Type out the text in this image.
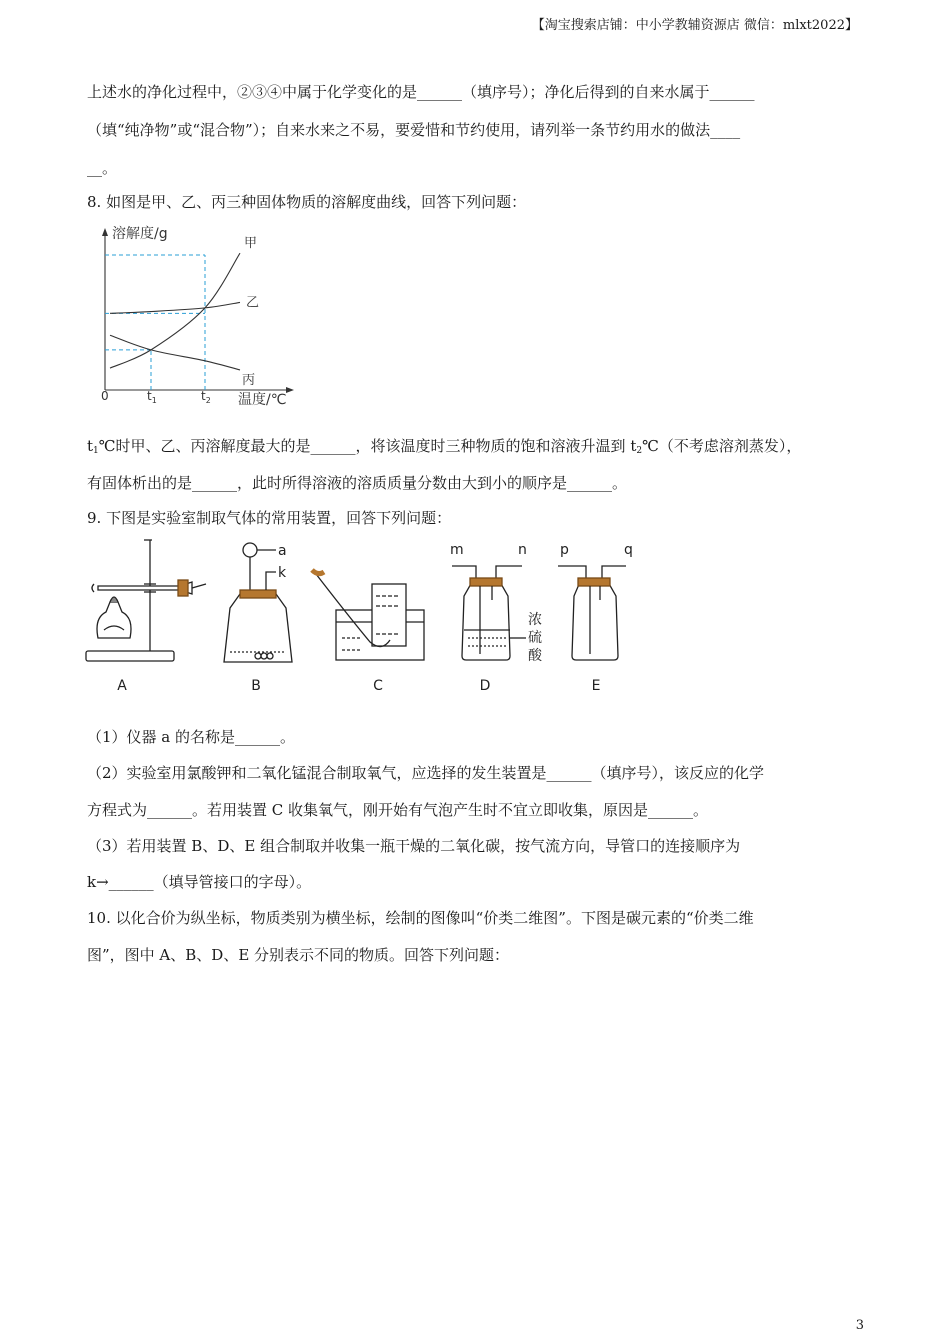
【淘宝搜索店铺：中小学教辅资源店 微信：mlxt2022】
上述水的净化过程中，②③④中属于化学变化的是______（填序号）；净化后得到的自来水属于______
（填“纯净物”或“混合物”）；自来水来之不易，要爱惜和节约使用，请列举一条节约用水的做法____
__。
8. 如图是甲、乙、丙三种固体物质的溶解度曲线，回答下列问题：
甲
乙
丙
溶解度/g
温度/℃
0	$t_1$	$t_2$
$t_1℃$时甲、乙、丙溶解度最大的是______，将该温度时三种物质的饱和溶液升温到 $t_2℃$（不考虑溶剂蒸发），
有固体析出的是______，此时所得溶液的溶质质量分数由大到小的顺序是______。
9. 下图是实验室制取气体的常用装置，回答下列问题：
A
a
k
B	C
m	n
浓
硫
酸
D
p	q
E
（1）仪器 a 的名称是______。
（2）实验室用氯酸钾和二氧化锰混合制取氧气，应选择的发生装置是______（填序号），该反应的化学
方程式为______。若用装置 C 收集氧气，刚开始有气泡产生时不宜立即收集，原因是______。
（3）若用装置 B、D、E 组合制取并收集一瓶干燥的二氧化碳，按气流方向，导管口的连接顺序为
k→______（填导管接口的字母）。
10. 以化合价为纵坐标，物质类别为横坐标，绘制的图像叫“价类二维图”。下图是碳元素的“价类二维
图”，图中 A、B、D、E 分别表示不同的物质。回答下列问题：
3
